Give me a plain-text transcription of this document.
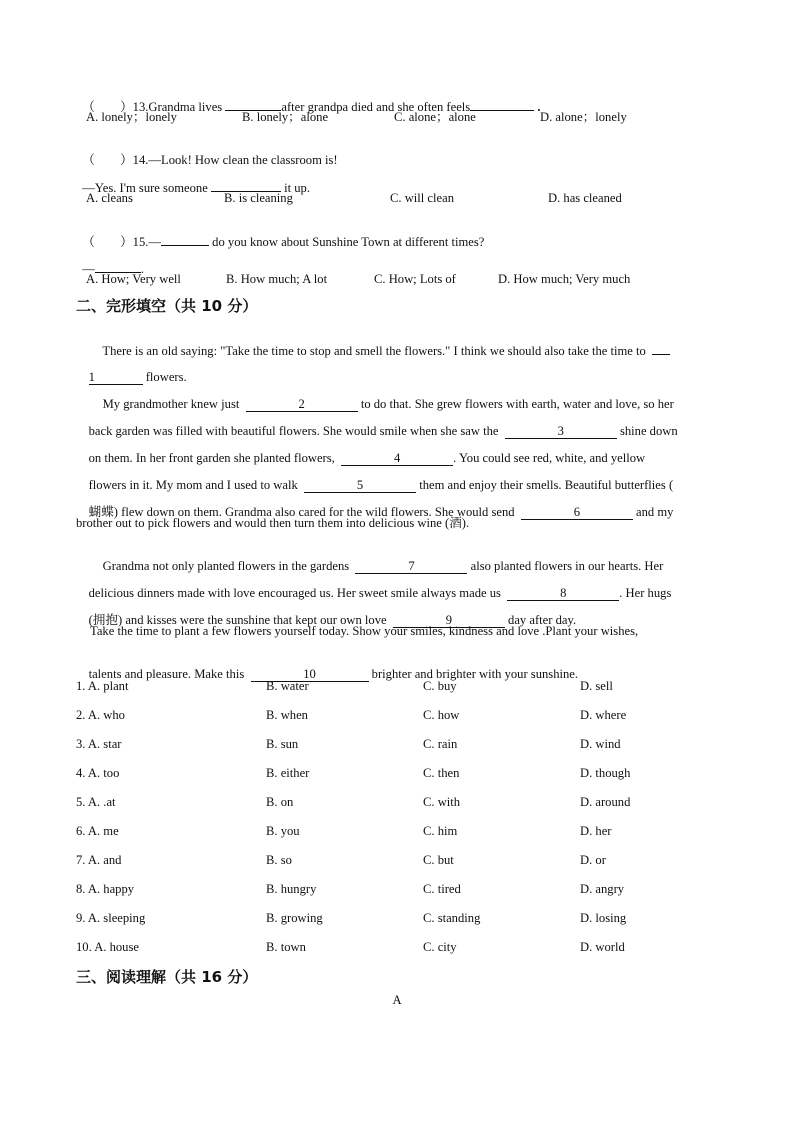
（        ）13.Grandma lives	after grandpa died and she often feels	.

A. lonely；lonely	B. lonely；alone	C. alone；alone	D. alone；lonely

（        ）14.—Look! How clean the classroom is!

—Yes. I'm sure someone	it up.

A. cleans	B. is cleaning	C. will clean	D. has cleaned

（        ）15.—	do you know about Sunshine Town at different times?

—	.

A. How; Very well	B. How much; A lot	C. How; Lots of	D. How much; Very much
二、完形填空（共 10 分）

There is an old saying: "Take the time to stop and smell the flowers." I think we should also take the time to

1	flowers.

My grandmother knew just	2	to do that. She grew flowers with earth, water and love, so her

back garden was filled with beautiful flowers. She would smile when she saw the	3	shine down

on them. In her front garden she planted flowers,	4	. You could see red, white, and yellow

flowers in it. My mom and I used to walk	5	them and enjoy their smells. Beautiful butterflies (

蝴蝶) flew down on them. Grandma also cared for the wild flowers. She would send	6	and my

brother out to pick flowers and would then turn them into delicious wine (酒).

Grandma not only planted flowers in the gardens	7	also planted flowers in our hearts. Her

delicious dinners made with love encouraged us. Her sweet smile always made us	8	. Her hugs

(拥抱) and kisses were the sunshine that kept our own love	9	day after day.

Take the time to plant a few flowers yourself today. Show your smiles, kindness and love .Plant your wishes,

talents and pleasure. Make this	10	brighter and brighter with your sunshine.

1. A. plant	B. water	C. buy	D. sell
2. A. who	B. when	C. how	D. where
3. A. star	B. sun	C. rain	D. wind
4. A. too	B. either	C. then	D. though
5. A. .at	B. on	C. with	D. around
6. A. me	B. you	C. him	D. her
7. A. and	B. so	C. but	D. or
8. A. happy	B. hungry	C. tired	D. angry
9. A. sleeping	B. growing	C. standing	D. losing
10. A. house	B. town	C. city	D. world
三、阅读理解（共 16 分）
A
